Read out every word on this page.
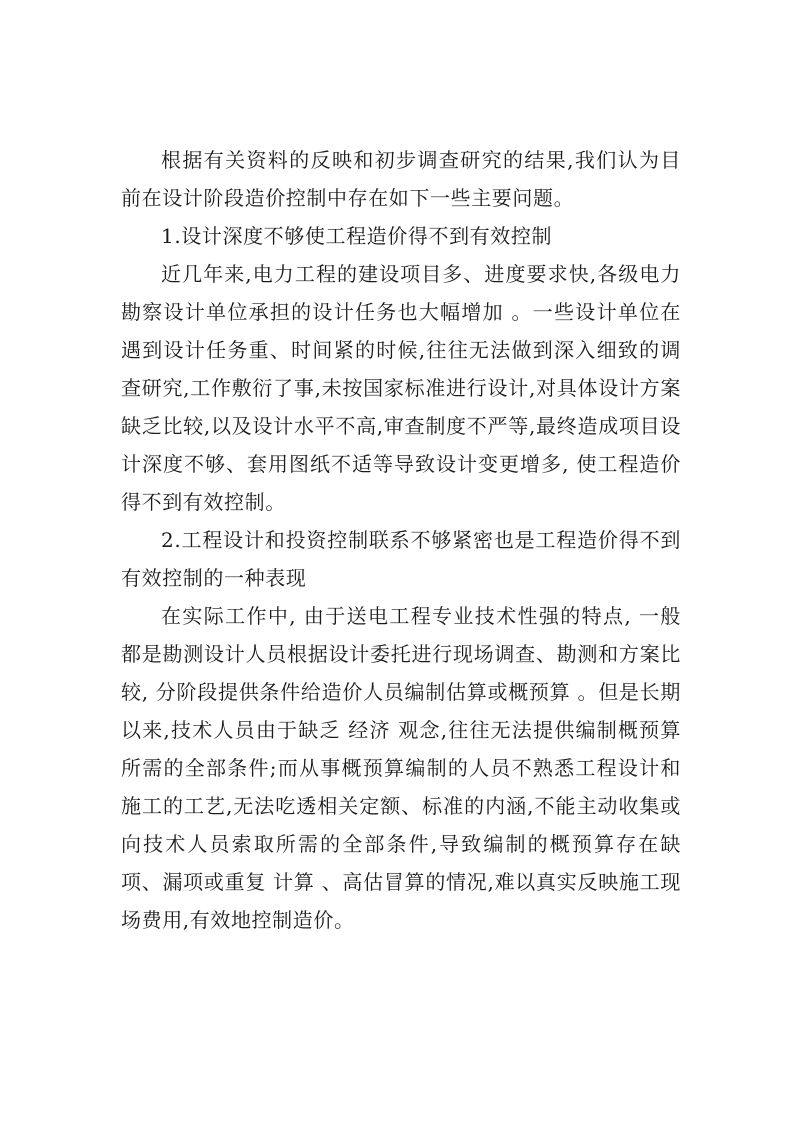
根据有关资料的反映和初步调查研究的结果,我们认为目前在设计阶段造价控制中存在如下一些主要问题。

1.设计深度不够使工程造价得不到有效控制

近几年来,电力工程的建设项目多、进度要求快,各级电力勘察设计单位承担的设计任务也大幅增加 。一些设计单位在遇到设计任务重、时间紧的时候,往往无法做到深入细致的调查研究,工作敷衍了事,未按国家标准进行设计,对具体设计方案缺乏比较,以及设计水平不高,审查制度不严等,最终造成项目设计深度不够、套用图纸不适等导致设计变更增多, 使工程造价得不到有效控制。

2.工程设计和投资控制联系不够紧密也是工程造价得不到有效控制的一种表现

在实际工作中, 由于送电工程专业技术性强的特点, 一般都是勘测设计人员根据设计委托进行现场调查、勘测和方案比较, 分阶段提供条件给造价人员编制估算或概预算 。但是长期以来,技术人员由于缺乏 经济 观念,往往无法提供编制概预算所需的全部条件;而从事概预算编制的人员不熟悉工程设计和施工的工艺,无法吃透相关定额、标准的内涵,不能主动收集或向技术人员索取所需的全部条件,导致编制的概预算存在缺项、漏项或重复 计算 、高估冒算的情况,难以真实反映施工现场费用,有效地控制造价。
